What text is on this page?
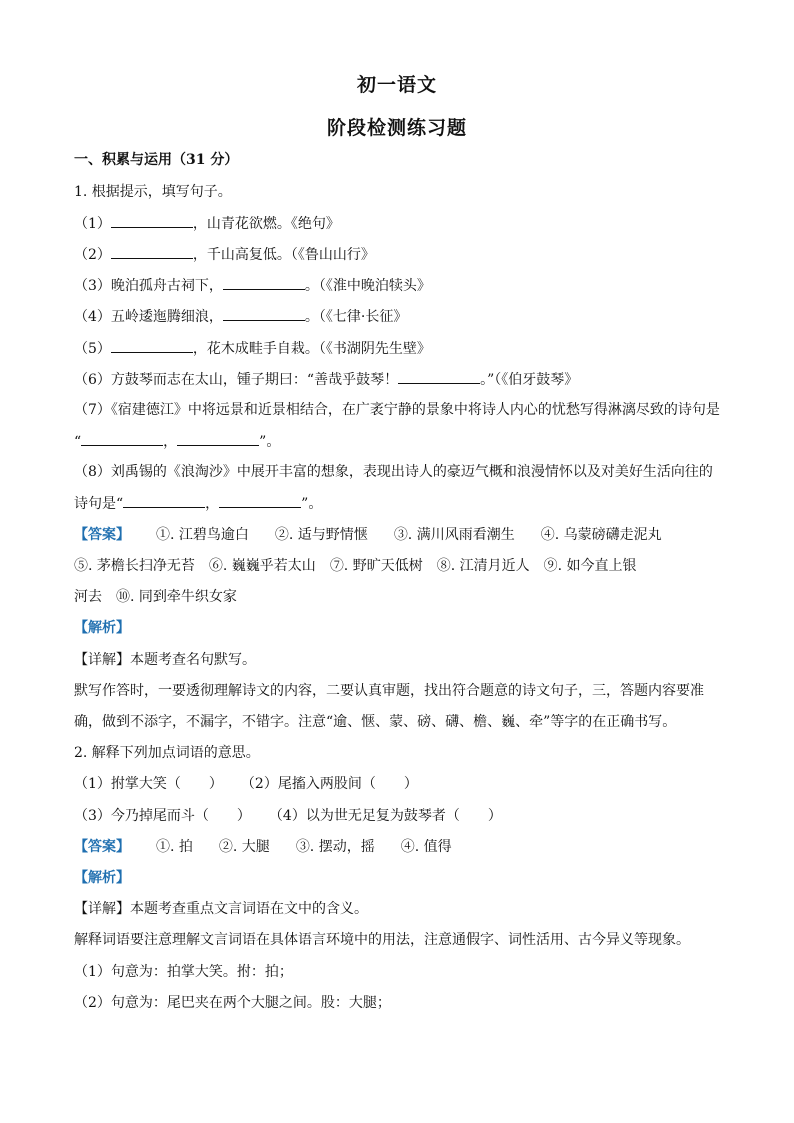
初一语文
阶段检测练习题
一、积累与运用（31 分）
1. 根据提示，填写句子。
（1）	，山青花欲燃。《绝句》
（2）	，千山高复低。（《鲁山山行》
（3）晚泊孤舟古祠下，	。（《淮中晚泊犊头》
（4）五岭逶迤腾细浪，	。（《七律·长征》
（5）	，花木成畦手自栽。（《书湖阴先生壁》
（6）方鼓琴而志在太山，锺子期曰：“善哉乎鼓琴！	。”（《伯牙鼓琴》
（7）《宿建德江》中将远景和近景相结合，在广袤宁静的景象中将诗人内心的忧愁写得淋漓尽致的诗句是
“	，	”。
（8）刘禹锡的《浪淘沙》中展开丰富的想象，表现出诗人的豪迈气概和浪漫情怀以及对美好生活向往的
诗句是“	，	”。
【答案】 ①. 江碧鸟逾白 ②. 适与野情惬 ③. 满川风雨看潮生 ④. 乌蒙磅礴走泥丸
⑤. 茅檐长扫净无苔 ⑥. 巍巍乎若太山 ⑦. 野旷天低树 ⑧. 江清月近人 ⑨. 如今直上银
河去 ⑩. 同到牵牛织女家
【解析】
【详解】本题考查名句默写。
默写作答时，一要透彻理解诗文的内容，二要认真审题，找出符合题意的诗文句子，三，答题内容要准
确，做到不添字，不漏字，不错字。注意“逾、惬、蒙、磅、礴、檐、巍、牵”等字的在正确书写。
2. 解释下列加点词语的意思。
（1）拊掌大笑（　　） （2）尾搐入两股间（　　）
（3）今乃掉尾而斗（　　） （4）以为世无足复为鼓琴者（　　）
【答案】 ①. 拍 ②. 大腿 ③. 摆动，摇 ④. 值得
【解析】
【详解】本题考查重点文言词语在文中的含义。
解释词语要注意理解文言词语在具体语言环境中的用法，注意通假字、词性活用、古今异义等现象。
（1）句意为：拍掌大笑。拊：拍；
（2）句意为：尾巴夹在两个大腿之间。股：大腿；
